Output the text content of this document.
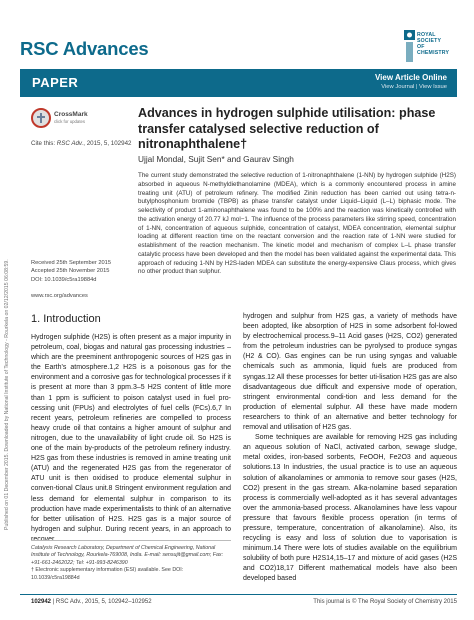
Published on 01 December 2015. Downloaded by National Institute of Technology - Rourkela on 02/12/2015 06:08:59.
RSC Advances
ROYAL SOCIETY
OF CHEMISTRY
PAPER	View Article Online
View Journal | View Issue
CrossMark
click for updates
Cite this: RSC Adv., 2015, 5, 102942
Advances in hydrogen sulphide utilisation: phase transfer catalysed selective reduction of nitronaphthalene†
Ujjal Mondal, Sujit Sen* and Gaurav Singh
The current study demonstrated the selective reduction of 1-nitronaphthalene (1-NN) by hydrogen sulphide (H2S) absorbed in aqueous N-methyldiethanolamine (MDEA), which is a commonly encountered process in amine treating unit (ATU) of petroleum refinery. The modified Zinin reduction has been carried out using tetra-n-butylphosphonium bromide (TBPB) as phase transfer catalyst under Liquid–Liquid (L–L) biphasic mode. The selectivity of product 1-aminonaphthalene was found to be 100% and the reaction was kinetically controlled with the activation energy of 20.77 kJ mol−1. The influence of the process parameters like stirring speed, concentration of 1-NN, concentration of aqueous sulphide, concentration of catalyst, MDEA concentration, elemental sulphur loading at different reaction time on the reactant conversion and the reaction rate of 1-NN were studied for establishment of the reaction mechanism. The kinetic model and mechanism of complex L–L phase transfer catalytic process have been developed and then the model has been validated against the experimental data. This approach of reducing 1-NN by H2S-laden MDEA can substitute the energy-expensive Claus process, which gives no other product than sulphur.
Received 25th September 2015
Accepted 25th November 2015
DOI: 10.1039/c5ra19884d
www.rsc.org/advances
1. Introduction

Hydrogen sulphide (H2S) is often present as a major impurity in petroleum, coal, biogas and natural gas processing industries – which are the preeminent anthropogenic sources of H2S gas in the Earth's atmosphere.1,2 H2S is a poisonous gas for the environment and a corrosive gas for technological processes if it is present at more than 3 ppm.3–5 H2S content of little more than 1 ppm is sufficient to poison catalyst used in fuel pro-cessing unit (FPUs) and electrolytes of fuel cells (FCs).6,7 In recent years, petroleum refineries are compelled to process heavy crude oil that contains a higher amount of sulphur and nitrogen, due to the unavailability of light crude oil. So H2S is one of the main by-products of the petroleum refinery industry. H2S gas from these industries is removed in amine treating unit (ATU) and the regenerated H2S gas from the regenerator of ATU unit is then oxidised to produce elemental sulphur in conven-tional Claus unit.8 Stringent environment regulation and less demand for elemental sulphur in comparison to its production have made experimentalists to think of an alternative for better utilisation of H2S. H2S gas is a major source of hydrogen and sulphur. During recent years, in an approach to

hydrogen and sulphur from H2S gas, a variety of methods have been adopted, like absorption of H2S in some adsorbent fol-lowed by electrochemical process.9–11 Acid gases (H2S, CO2) generated from the petroleum industries can be pyrolysed to produce syngas (H2 & CO). Gas engines can be run using syngas and valuable chemicals such as ammonia, liquid fuels are produced from syngas.12 All these processes for better uti-lisation H2S gas are also disadvantageous due difficult and expensive mode of operation, stringent environmental condi-tion and less demand for the production of elemental sulphur. All these have made modern researchers to think of an alternative and better technology for removal and utilisation of H2S gas.

Some techniques are available for removing H2S gas including an aqueous solution of NaCl, activated carbon, sewage sludge, metal oxides, iron-based sorbents, FeOOH, Fe2O3 and aqueous solutions.13 In industries, the usual practice is to use an aqueous solution of alkanolamines or ammonia to remove sour gases (H2S, CO2) present in the gas stream. Alka-nolamine based separation process is commercially well-adopted as it has several advantages over the ammonia-based process. Alkanolamines have less vapour pressure that favours flexible process operation (in terms of pressure, temperature, concentration of alkanolamine). Also, its recycling is easy and loss of solution due to vaporisation is minimum.14 There were lots of studies available on the equilibrium solubility of both pure H2S14,15–17 and mixture of acid gases (H2S and CO2)18,17 Different mathematical models have also been developed based

Catalysis Research Laboratory, Department of Chemical Engineering, National Institute of Technology, Rourkela-769008, India. E-mail: sensujit@gmail.com; Fax: +91-661-2462022; Tel: +91-993-8246390
† Electronic supplementary information (ESI) available. See DOI: 10.1039/c5ra19884d
102942 | RSC Adv., 2015, 5, 102942–102952	This journal is © The Royal Society of Chemistry 2015
